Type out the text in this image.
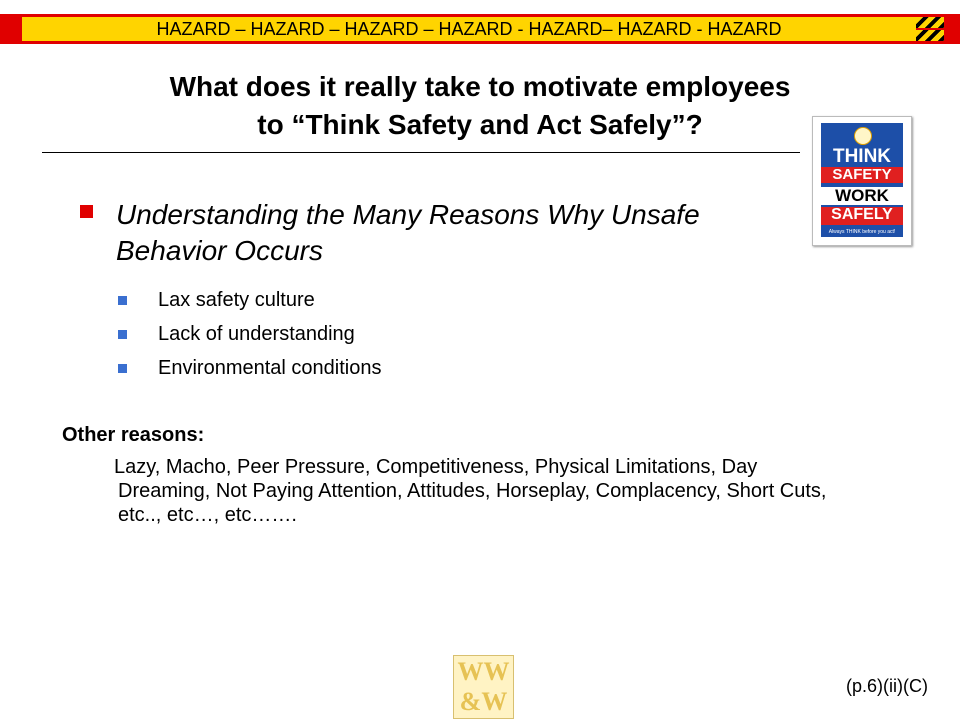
HAZARD – HAZARD – HAZARD – HAZARD - HAZARD– HAZARD - HAZARD
What does it really take to motivate employees
to “Think Safety and Act Safely”?
THINK
SAFETY
WORK
SAFELY
Always THINK before you act!
Understanding the Many Reasons Why Unsafe Behavior Occurs
Lax safety culture
Lack of understanding
Environmental conditions
Other reasons:
Lazy, Macho, Peer Pressure, Competitiveness, Physical Limitations, Day Dreaming, Not Paying Attention, Attitudes, Horseplay, Complacency, Short Cuts, etc.., etc…, etc…….
WW
&W
(p.6)(ii)(C)
